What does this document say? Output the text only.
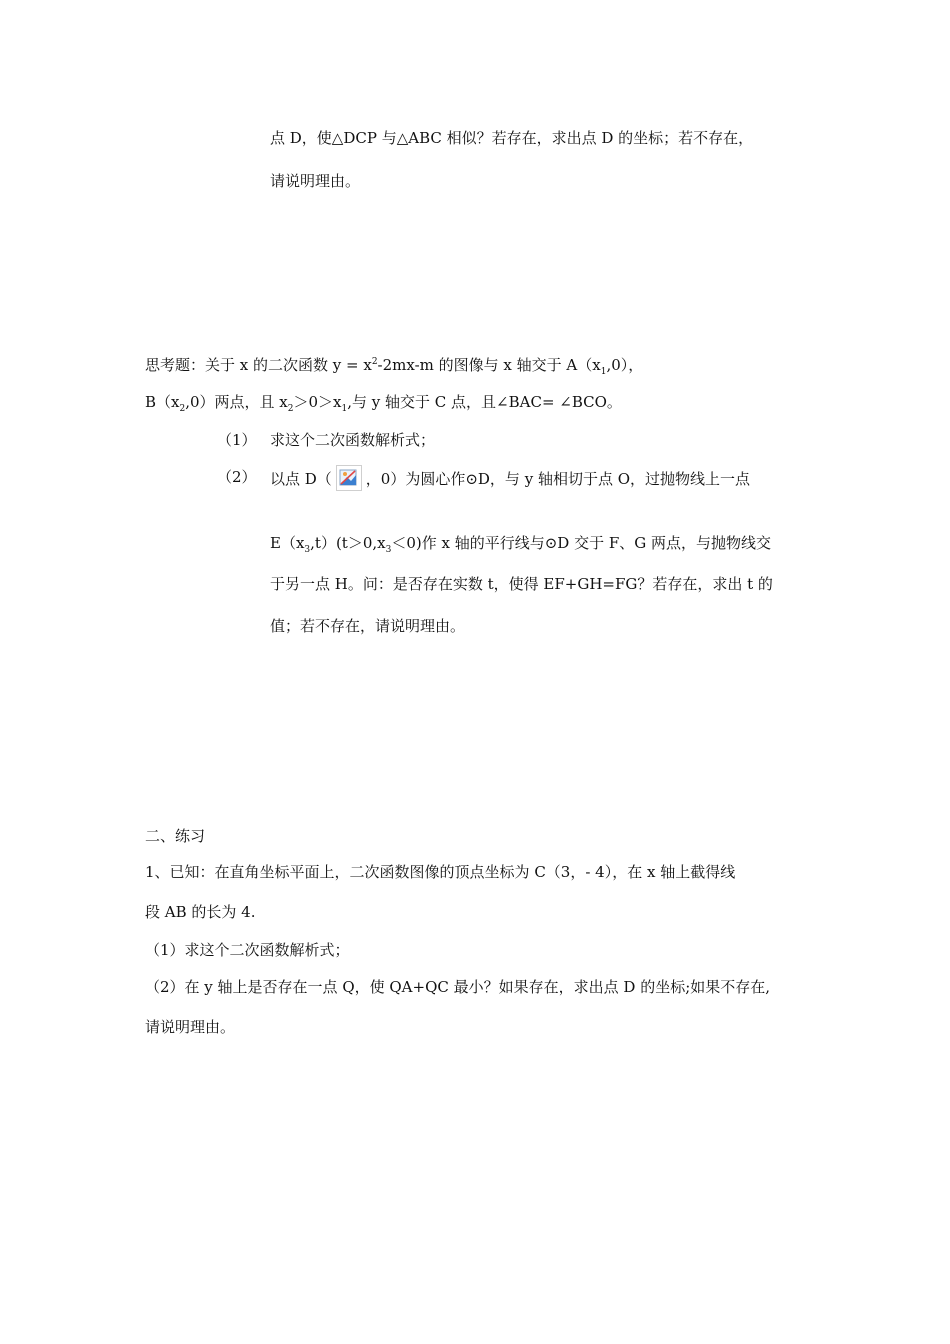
点 D，使△DCP 与△ABC 相似？若存在，求出点 D 的坐标；若不存在，
请说明理由。
思考题：关于 x 的二次函数 $y = x^2-2mx-m$ 的图像与 x 轴交于 $A(x_1,0)$，
$B(x_2,0)$两点，且 $x_2>0>x_1$,与 y 轴交于 C 点，且∠BAC= ∠BCO。
（1） 求这个二次函数解析式；
（2） 以点 D（ ，0）为圆心作⊙D，与 y 轴相切于点 O，过抛物线上一点
$E(x_3,t)(t>0,x_3<0)$作 x 轴的平行线与⊙D 交于 F、G 两点，与抛物线交
于另一点 H。问：是否存在实数 t，使得 EF+GH=FG？若存在，求出 t 的
值；若不存在，请说明理由。
二、练习
1、已知：在直角坐标平面上，二次函数图像的顶点坐标为 C（3，- 4），在 x 轴上截得线
段 AB 的长为 4.
（1）求这个二次函数解析式；
（2）在 y 轴上是否存在一点 Q，使 QA+QC 最小？如果存在，求出点 D 的坐标;如果不存在,
请说明理由。
